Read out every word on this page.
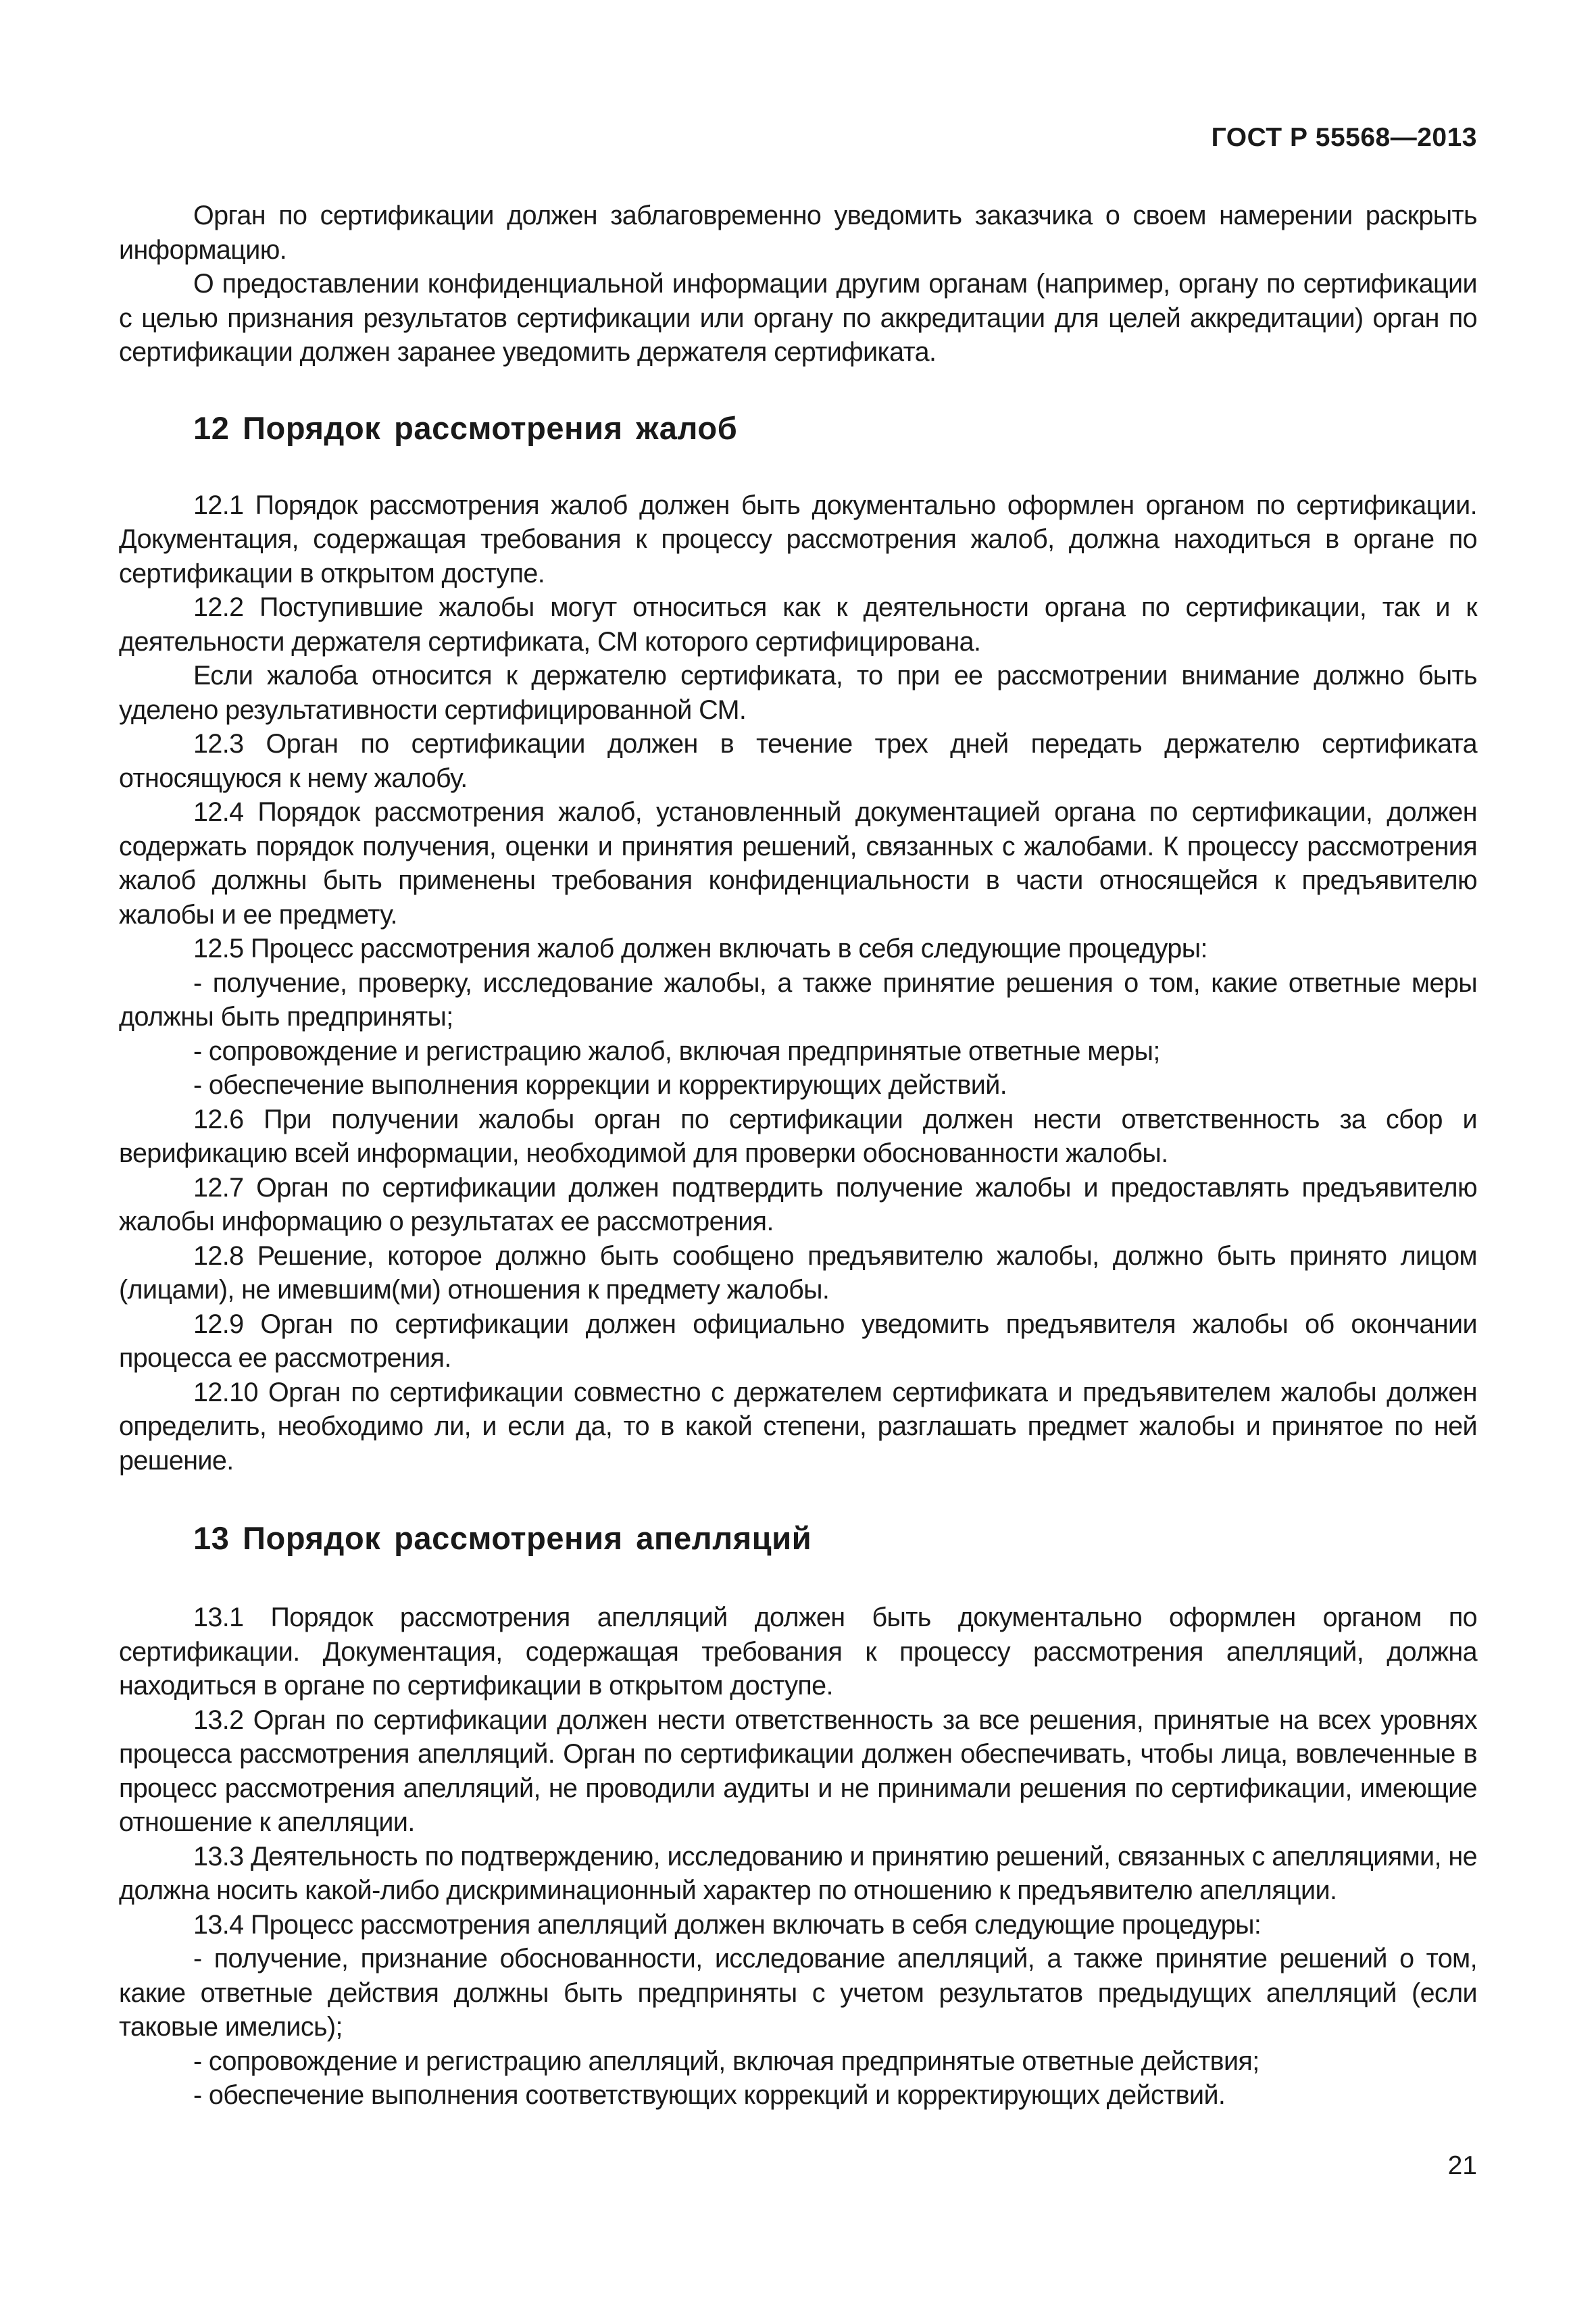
ГОСТ Р 55568—2013

Орган по сертификации должен заблаговременно уведомить заказчика о своем намерении раскрыть информацию.

О предоставлении конфиденциальной информации другим органам (например, органу по сертификации с целью признания результатов сертификации или органу по аккредитации для целей аккредитации) орган по сертификации должен заранее уведомить держателя сертификата.

12 Порядок рассмотрения жалоб

12.1 Порядок рассмотрения жалоб должен быть документально оформлен органом по сертификации. Документация, содержащая требования к процессу рассмотрения жалоб, должна находиться в органе по сертификации в открытом доступе.

12.2 Поступившие жалобы могут относиться как к деятельности органа по сертификации, так и к деятельности держателя сертификата, СМ которого сертифицирована.

Если жалоба относится к держателю сертификата, то при ее рассмотрении внимание должно быть уделено результативности сертифицированной СМ.

12.3 Орган по сертификации должен в течение трех дней передать держателю сертификата относящуюся к нему жалобу.

12.4 Порядок рассмотрения жалоб, установленный документацией органа по сертификации, должен содержать порядок получения, оценки и принятия решений, связанных с жалобами. К процессу рассмотрения жалоб должны быть применены требования конфиденциальности в части относящейся к предъявителю жалобы и ее предмету.

12.5 Процесс рассмотрения жалоб должен включать в себя следующие процедуры:

- получение, проверку, исследование жалобы, а также принятие решения о том, какие ответные меры должны быть предприняты;

- сопровождение и регистрацию жалоб, включая предпринятые ответные меры;

- обеспечение выполнения коррекции и корректирующих действий.

12.6 При получении жалобы орган по сертификации должен нести ответственность за сбор и верификацию всей информации, необходимой для проверки обоснованности жалобы.

12.7 Орган по сертификации должен подтвердить получение жалобы и предоставлять предъявителю жалобы информацию о результатах ее рассмотрения.

12.8 Решение, которое должно быть сообщено предъявителю жалобы, должно быть принято лицом (лицами), не имевшим(ми) отношения к предмету жалобы.

12.9 Орган по сертификации должен официально уведомить предъявителя жалобы об окончании процесса ее рассмотрения.

12.10 Орган по сертификации совместно с держателем сертификата и предъявителем жалобы должен определить, необходимо ли, и если да, то в какой степени, разглашать предмет жалобы и принятое по ней решение.

13 Порядок рассмотрения апелляций

13.1 Порядок рассмотрения апелляций должен быть документально оформлен органом по сертификации. Документация, содержащая требования к процессу рассмотрения апелляций, должна находиться в органе по сертификации в открытом доступе.

13.2 Орган по сертификации должен нести ответственность за все решения, принятые на всех уровнях процесса рассмотрения апелляций. Орган по сертификации должен обеспечивать, чтобы лица, вовлеченные в процесс рассмотрения апелляций, не проводили аудиты и не принимали решения по сертификации, имеющие отношение к апелляции.

13.3 Деятельность по подтверждению, исследованию и принятию решений, связанных с апелляциями, не должна носить какой-либо дискриминационный характер по отношению к предъявителю апелляции.

13.4 Процесс рассмотрения апелляций должен включать в себя следующие процедуры:

- получение, признание обоснованности, исследование апелляций, а также принятие решений о том, какие ответные действия должны быть предприняты с учетом результатов предыдущих апелляций (если таковые имелись);

- сопровождение и регистрацию апелляций, включая предпринятые ответные действия;

- обеспечение выполнения соответствующих коррекций и корректирующих действий.

21
